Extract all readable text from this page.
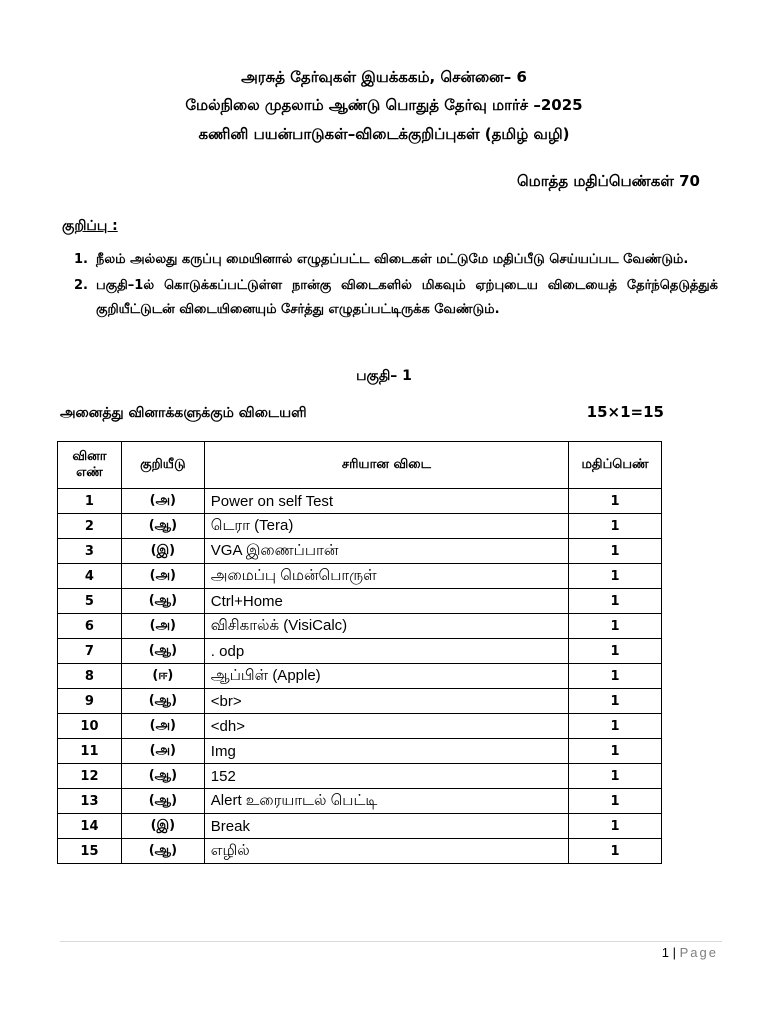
அரசுத் தேர்வுகள் இயக்ககம், சென்னை– 6
மேல்நிலை முதலாம் ஆண்டு பொதுத் தேர்வு மார்ச் –2025
கணினி பயன்பாடுகள்–விடைக்குறிப்புகள் (தமிழ் வழி)
மொத்த மதிப்பெண்கள் 70
குறிப்பு :
1. நீலம் அல்லது கருப்பு மையினால் எழுதப்பட்ட விடைகள் மட்டுமே மதிப்பீடு செய்யப்பட வேண்டும்.
2. பகுதி–1ல் கொடுக்கப்பட்டுள்ள நான்கு விடைகளில் மிகவும் ஏற்புடைய விடையைத் தேர்ந்தெடுத்துக் குறியீட்டுடன் விடையினையும் சேர்த்து எழுதப்பட்டிருக்க வேண்டும்.
பகுதி– 1
அனைத்து வினாக்களுக்கும் விடையளி	15×1=15
வினா எண்	குறியீடு	சரியான விடை	மதிப்பெண்
1	(அ)	Power on self Test	1
2	(ஆ)	டெரா (Tera)	1
3	(இ)	VGA இணைப்பான்	1
4	(அ)	அமைப்பு மென்பொருள்	1
5	(ஆ)	Ctrl+Home	1
6	(அ)	விசிகால்க் (VisiCalc)	1
7	(ஆ)	. odp	1
8	(ஈ)	ஆப்பிள் (Apple)	1
9	(ஆ)	<br>	1
10	(அ)	<dh>	1
11	(அ)	Img	1
12	(ஆ)	152	1
13	(ஆ)	Alert உரையாடல் பெட்டி	1
14	(இ)	Break	1
15	(ஆ)	எழில்	1
1 | Page
